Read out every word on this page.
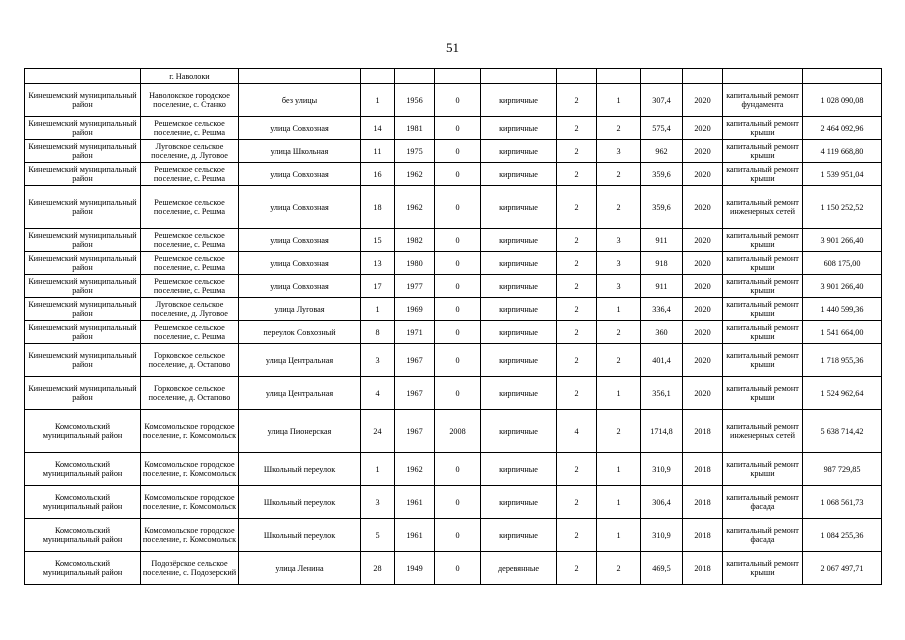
51
	г. Наволоки											
Кинешемский муниципальный район	Наволокское городское поселение, с. Станко	без улицы	1	1956	0	кирпичные	2	1	307,4	2020	капитальный ремонт фундамента	1 028 090,08
Кинешемский муниципальный район	Решемское сельское поселение, с. Решма	улица Совхозная	14	1981	0	кирпичные	2	2	575,4	2020	капитальный ремонт крыши	2 464 092,96
Кинешемский муниципальный район	Луговское сельское поселение, д. Луговое	улица Школьная	11	1975	0	кирпичные	2	3	962	2020	капитальный ремонт крыши	4 119 668,80
Кинешемский муниципальный район	Решемское сельское поселение, с. Решма	улица Совхозная	16	1962	0	кирпичные	2	2	359,6	2020	капитальный ремонт крыши	1 539 951,04
Кинешемский муниципальный район	Решемское сельское поселение, с. Решма	улица Совхозная	18	1962	0	кирпичные	2	2	359,6	2020	капитальный ремонт инженерных сетей	1 150 252,52
Кинешемский муниципальный район	Решемское сельское поселение, с. Решма	улица Совхозная	15	1982	0	кирпичные	2	3	911	2020	капитальный ремонт крыши	3 901 266,40
Кинешемский муниципальный район	Решемское сельское поселение, с. Решма	улица Совхозная	13	1980	0	кирпичные	2	3	918	2020	капитальный ремонт крыши	608 175,00
Кинешемский муниципальный район	Решемское сельское поселение, с. Решма	улица Совхозная	17	1977	0	кирпичные	2	3	911	2020	капитальный ремонт крыши	3 901 266,40
Кинешемский муниципальный район	Луговское сельское поселение, д. Луговое	улица Луговая	1	1969	0	кирпичные	2	1	336,4	2020	капитальный ремонт крыши	1 440 599,36
Кинешемский муниципальный район	Решемское сельское поселение, с. Решма	переулок Совхозный	8	1971	0	кирпичные	2	2	360	2020	капитальный ремонт крыши	1 541 664,00
Кинешемский муниципальный район	Горковское сельское поселение, д. Остапово	улица Центральная	3	1967	0	кирпичные	2	2	401,4	2020	капитальный ремонт крыши	1 718 955,36
Кинешемский муниципальный район	Горковское сельское поселение, д. Остапово	улица Центральная	4	1967	0	кирпичные	2	1	356,1	2020	капитальный ремонт крыши	1 524 962,64
Комсомольский муниципальный район	Комсомольское городское поселение, г. Комсомольск	улица Пионерская	24	1967	2008	кирпичные	4	2	1714,8	2018	капитальный ремонт инженерных сетей	5 638 714,42
Комсомольский муниципальный район	Комсомольское городское поселение, г. Комсомольск	Школьный переулок	1	1962	0	кирпичные	2	1	310,9	2018	капитальный ремонт крыши	987 729,85
Комсомольский муниципальный район	Комсомольское городское поселение, г. Комсомольск	Школьный переулок	3	1961	0	кирпичные	2	1	306,4	2018	капитальный ремонт фасада	1 068 561,73
Комсомольский муниципальный район	Комсомольское городское поселение, г. Комсомольск	Школьный переулок	5	1961	0	кирпичные	2	1	310,9	2018	капитальный ремонт фасада	1 084 255,36
Комсомольский муниципальный район	Подозёрское сельское поселение, с. Подозерский	улица Ленина	28	1949	0	деревянные	2	2	469,5	2018	капитальный ремонт крыши	2 067 497,71
